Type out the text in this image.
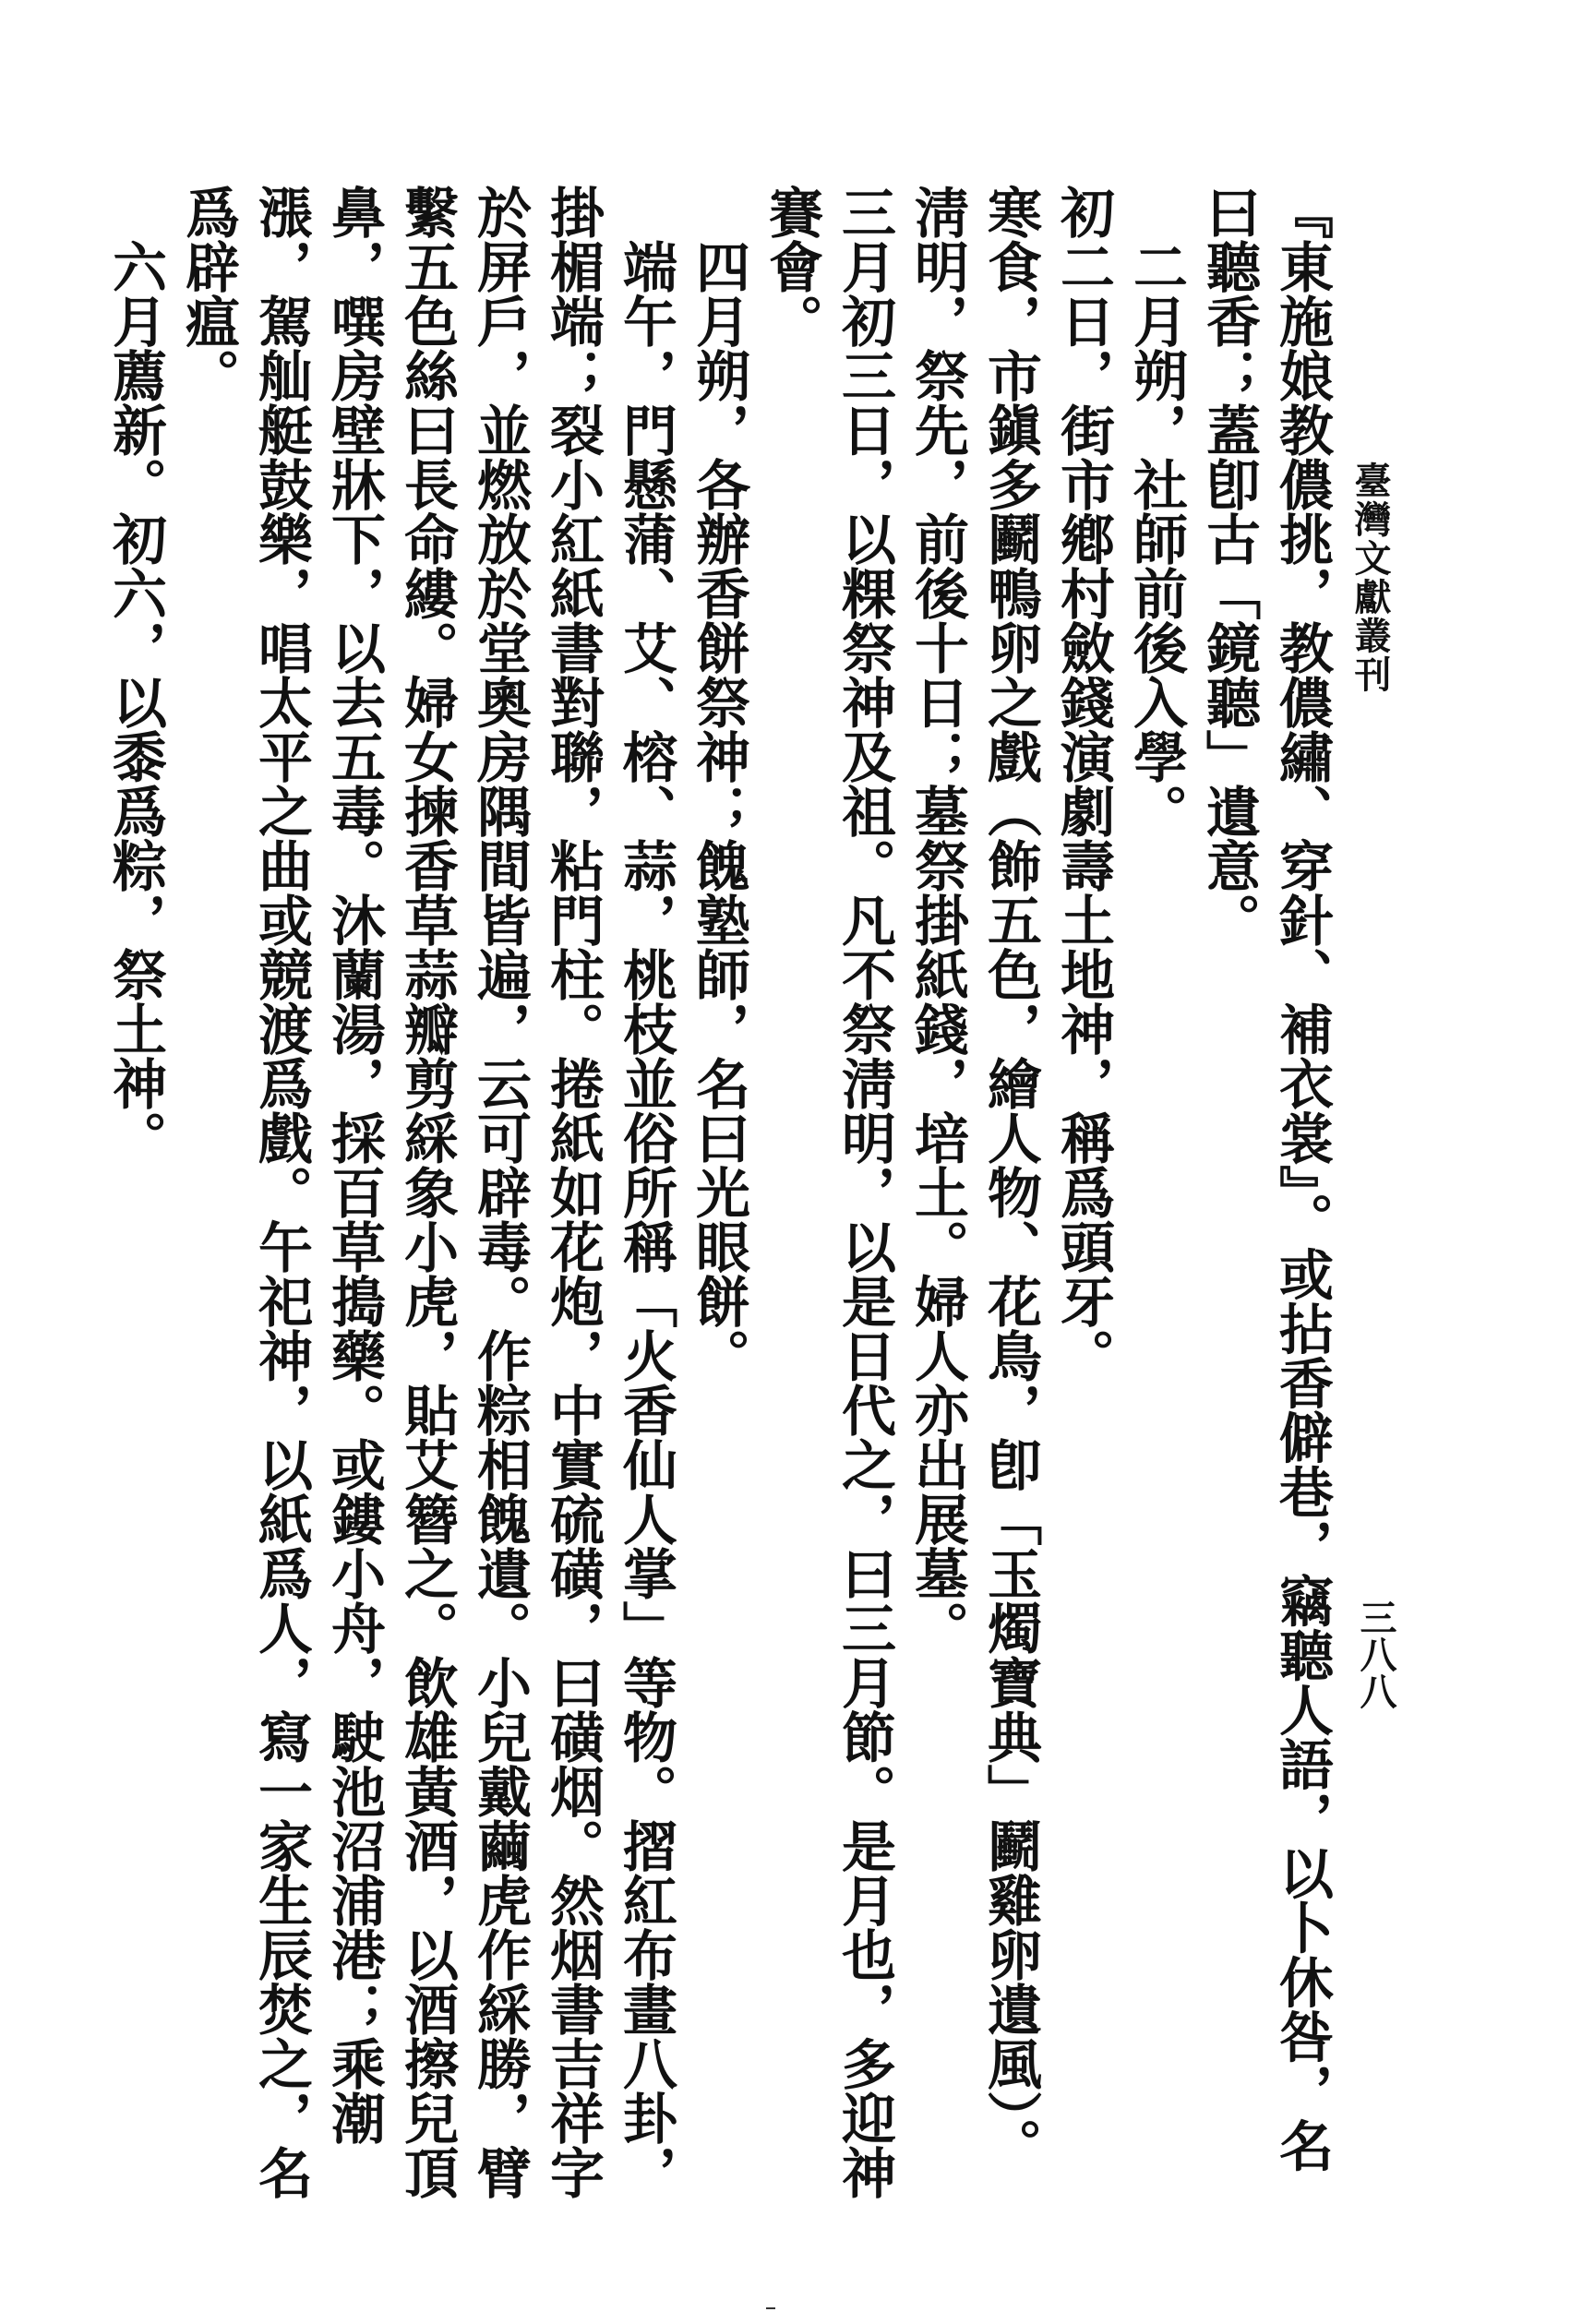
臺灣文獻叢刊
三八八

『東施娘教儂挑，教儂繡、穿針、補衣裳』。或拈香僻巷，竊聽人語，以卜休咎，名曰聽香；蓋卽古「鏡聽」遺意。

二月朔，社師前後入學。

初二日，街市鄕村斂錢演劇壽土地神，稱爲頭牙。

寒食，市鎭多鬬鴨卵之戲（飾五色，繪人物、花鳥，卽「玉燭寶典」鬬雞卵遺風）。

淸明，祭先，前後十日；墓祭掛紙錢，培土。婦人亦出展墓。

三月初三日，以粿祭神及祖。凡不祭淸明，以是日代之，曰三月節。是月也，多迎神賽會。

四月朔，各辦香餅祭神；餽塾師，名曰光眼餅。

端午，門懸蒲、艾、榕、蒜，桃枝並俗所稱「火香仙人掌」等物。摺紅布畫八卦，掛楣端；裂小紅紙書對聯，粘門柱。捲紙如花炮，中實硫磺，曰磺烟。然烟書吉祥字於屏戶，並燃放於堂奧房隅間皆遍，云可辟毒。作粽相餽遺。小兒戴繭虎作綵勝，臂繫五色絲曰長命縷。婦女揀香草蒜瓣剪綵象小虎，貼艾簪之。飲雄黃酒，以酒擦兒頂鼻，噀房壁牀下，以去五毒。沐蘭湯，採百草搗藥。或鏤小舟，駛池沼浦港；乘潮漲，駕舢艇鼓樂，唱太平之曲或競渡爲戲。午祀神，以紙爲人，寫一家生辰焚之，名爲辟瘟。

六月薦新。初六，以黍爲粽，祭土神。
